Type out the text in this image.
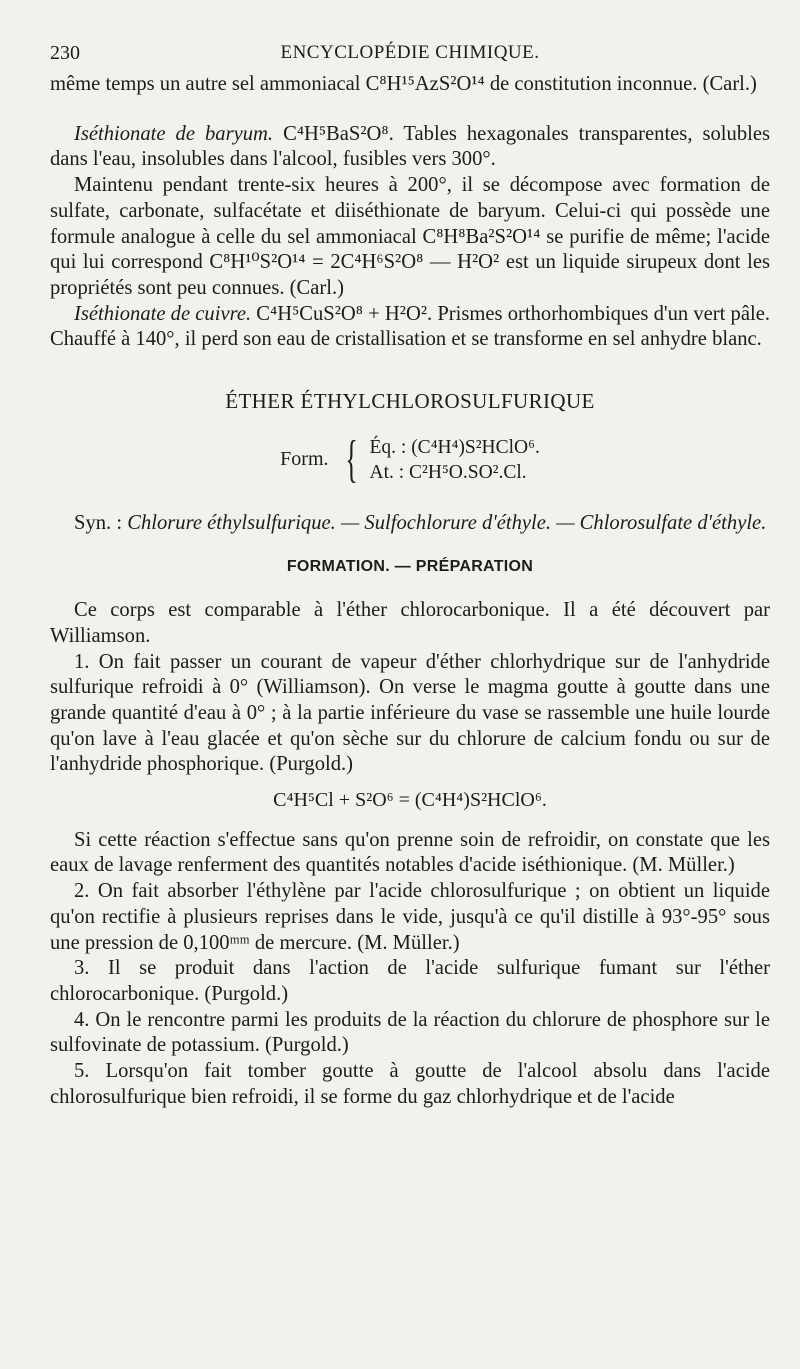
230	ENCYCLOPÉDIE CHIMIQUE.

même temps un autre sel ammoniacal C⁸H¹⁵AzS²O¹⁴ de constitution inconnue. (Carl.)

Iséthionate de baryum. C⁴H⁵BaS²O⁸. Tables hexagonales transparentes, solubles dans l'eau, insolubles dans l'alcool, fusibles vers 300°.

Maintenu pendant trente-six heures à 200°, il se décompose avec formation de sulfate, carbonate, sulfacétate et diiséthionate de baryum. Celui-ci qui possède une formule analogue à celle du sel ammoniacal C⁸H⁸Ba²S²O¹⁴ se purifie de même; l'acide qui lui correspond C⁸H¹⁰S²O¹⁴ = 2C⁴H⁶S²O⁸ — H²O² est un liquide sirupeux dont les propriétés sont peu connues. (Carl.)

Iséthionate de cuivre. C⁴H⁵CuS²O⁸ + H²O². Prismes orthorhombiques d'un vert pâle. Chauffé à 140°, il perd son eau de cristallisation et se transforme en sel anhydre blanc.

ÉTHER ÉTHYLCHLOROSULFURIQUE
Form. { Éq. : (C⁴H⁴)S²HClO⁶.
At. : C²H⁵O.SO².Cl.

Syn. : Chlorure éthylsulfurique. — Sulfochlorure d'éthyle. — Chlorosulfate d'éthyle.

FORMATION. — PRÉPARATION

Ce corps est comparable à l'éther chlorocarbonique. Il a été découvert par Williamson.

1. On fait passer un courant de vapeur d'éther chlorhydrique sur de l'anhydride sulfurique refroidi à 0° (Williamson). On verse le magma goutte à goutte dans une grande quantité d'eau à 0° ; à la partie inférieure du vase se rassemble une huile lourde qu'on lave à l'eau glacée et qu'on sèche sur du chlorure de calcium fondu ou sur de l'anhydride phosphorique. (Purgold.)

C⁴H⁵Cl + S²O⁶ = (C⁴H⁴)S²HClO⁶.

Si cette réaction s'effectue sans qu'on prenne soin de refroidir, on constate que les eaux de lavage renferment des quantités notables d'acide iséthionique. (M. Müller.)

2. On fait absorber l'éthylène par l'acide chlorosulfurique ; on obtient un liquide qu'on rectifie à plusieurs reprises dans le vide, jusqu'à ce qu'il distille à 93°-95° sous une pression de 0,100ᵐᵐ de mercure. (M. Müller.)

3. Il se produit dans l'action de l'acide sulfurique fumant sur l'éther chlorocarbonique. (Purgold.)

4. On le rencontre parmi les produits de la réaction du chlorure de phosphore sur le sulfovinate de potassium. (Purgold.)

5. Lorsqu'on fait tomber goutte à goutte de l'alcool absolu dans l'acide chlorosulfurique bien refroidi, il se forme du gaz chlorhydrique et de l'acide
